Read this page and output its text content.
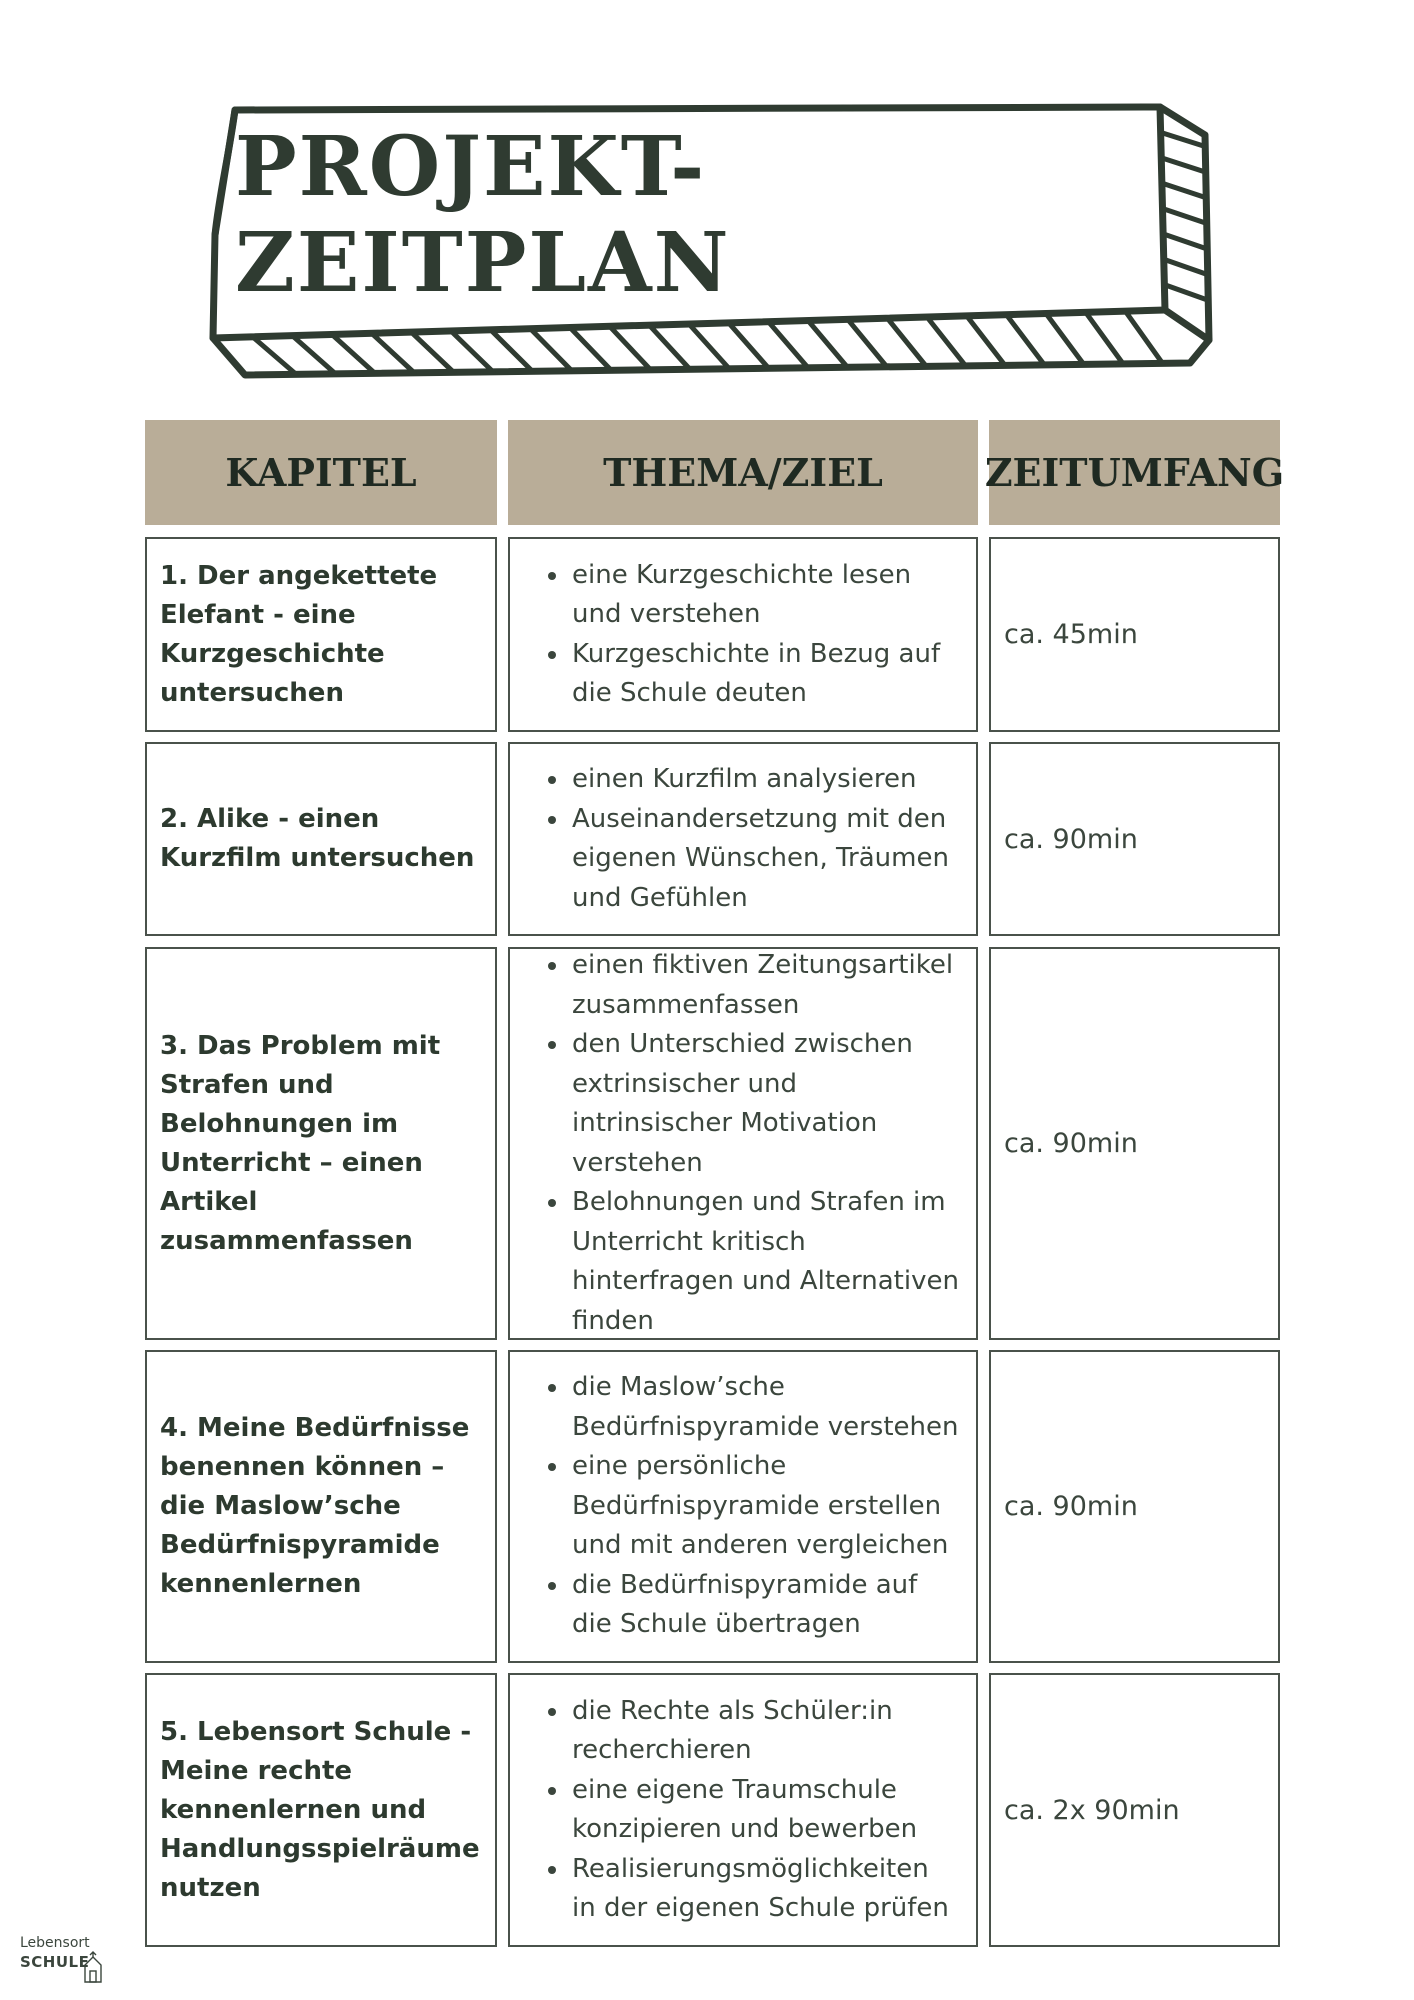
PROJEKT-ZEITPLAN
KAPITEL	THEMA/ZIEL	ZEITUMFANG
1. Der angekettete Elefant - eine Kurzgeschichte untersuchen
• eine Kurzgeschichte lesen und verstehen
• Kurzgeschichte in Bezug auf die Schule deuten
ca. 45min
2. Alike - einen Kurzfilm untersuchen
• einen Kurzfilm analysieren
• Auseinandersetzung mit den eigenen Wünschen, Träumen und Gefühlen
ca. 90min
3. Das Problem mit Strafen und Belohnungen im Unterricht – einen Artikel zusammenfassen
• einen fiktiven Zeitungsartikel zusammenfassen
• den Unterschied zwischen extrinsischer und intrinsischer Motivation verstehen
• Belohnungen und Strafen im Unterricht kritisch hinterfragen und Alternativen finden
ca. 90min
4. Meine Bedürfnisse benennen können – die Maslow’sche Bedürfnispyramide kennenlernen
• die Maslow’sche Bedürfnispyramide verstehen
• eine persönliche Bedürfnispyramide erstellen und mit anderen vergleichen
• die Bedürfnispyramide auf die Schule übertragen
ca. 90min
5. Lebensort Schule - Meine rechte kennenlernen und Handlungsspielräume nutzen
• die Rechte als Schüler:in recherchieren
• eine eigene Traumschule konzipieren und bewerben
• Realisierungsmöglichkeiten in der eigenen Schule prüfen
ca. 2x 90min
Lebensort
SCHULE
